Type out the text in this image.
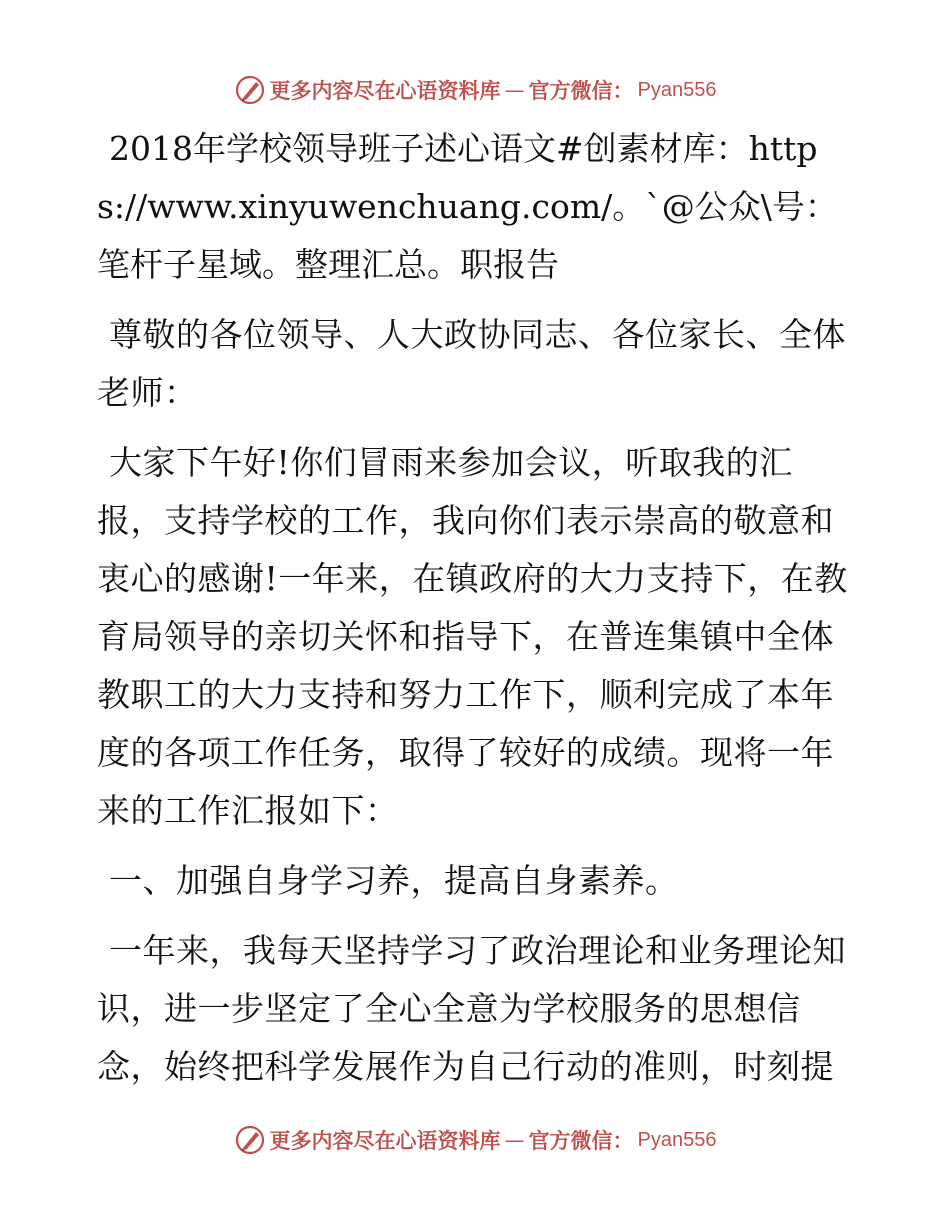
更多内容尽在心语资料库 — 官方微信： Pyan556

2018年学校领导班子述心语文#创素材库：https://www.xinyuwenchuang.com/。`@公众\号：笔杆子星域。整理汇总。职报告

尊敬的各位领导、人大政协同志、各位家长、全体老师：

大家下午好!你们冒雨来参加会议，听取我的汇报，支持学校的工作，我向你们表示崇高的敬意和衷心的感谢!一年来，在镇政府的大力支持下，在教育局领导的亲切关怀和指导下，在普连集镇中全体教职工的大力支持和努力工作下，顺利完成了本年度的各项工作任务，取得了较好的成绩。现将一年来的工作汇报如下：

一、加强自身学习养，提高自身素养。

一年来，我每天坚持学习了政治理论和业务理论知识，进一步坚定了全心全意为学校服务的思想信念，始终把科学发展作为自己行动的准则，时刻提

更多内容尽在心语资料库 — 官方微信： Pyan556
